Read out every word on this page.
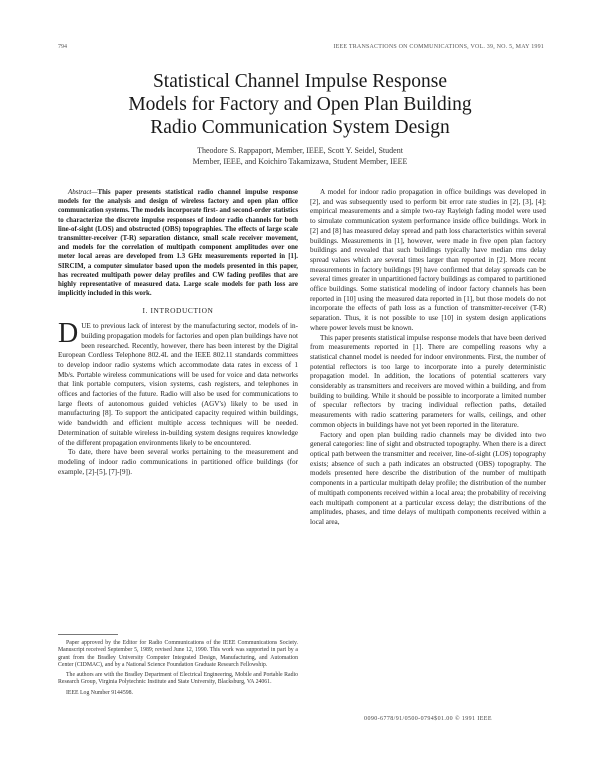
794	IEEE TRANSACTIONS ON COMMUNICATIONS, VOL. 39, NO. 5, MAY 1991
Statistical Channel Impulse Response
Models for Factory and Open Plan Building
Radio Communication System Design
Theodore S. Rappaport, Member, IEEE, Scott Y. Seidel, Student
Member, IEEE, and Koichiro Takamizawa, Student Member, IEEE

Abstract—This paper presents statistical radio channel impulse response models for the analysis and design of wireless factory and open plan office communication systems. The models incorporate first- and second-order statistics to characterize the discrete impulse responses of indoor radio channels for both line-of-sight (LOS) and obstructed (OBS) topographies. The effects of large scale transmitter-receiver (T-R) separation distance, small scale receiver movement, and models for the correlation of multipath component amplitudes over one meter local areas are developed from 1.3 GHz measurements reported in [1]. SIRCIM, a computer simulator based upon the models presented in this paper, has recreated multipath power delay profiles and CW fading profiles that are highly representative of measured data. Large scale models for path loss are implicitly included in this work.

I. INTRODUCTION

DUE to previous lack of interest by the manufacturing sector, models of in-building propagation models for factories and open plan buildings have not been researched. Recently, however, there has been interest by the Digital European Cordless Telephone 802.4L and the IEEE 802.11 standards committees to develop indoor radio systems which accommodate data rates in excess of 1 Mb/s. Portable wireless communications will be used for voice and data networks that link portable computers, vision systems, cash registers, and telephones in offices and factories of the future. Radio will also be used for communications to large fleets of autonomous guided vehicles (AGV's) likely to be used in manufacturing [8]. To support the anticipated capacity required within buildings, wide bandwidth and efficient multiple access techniques will be needed. Determination of suitable wireless in-building system designs requires knowledge of the different propagation environments likely to be encountered.

To date, there have been several works pertaining to the measurement and modeling of indoor radio communications in partitioned office buildings (for example, [2]-[5], [7]-[9]).

Paper approved by the Editor for Radio Communications of the IEEE Communications Society. Manuscript received September 5, 1989; revised June 12, 1990. This work was supported in part by a grant from the Bradley University Computer Integrated Design, Manufacturing, and Automation Center (CIDMAC), and by a National Science Foundation Graduate Research Fellowship.

The authors are with the Bradley Department of Electrical Engineering, Mobile and Portable Radio Research Group, Virginia Polytechnic Institute and State University, Blacksburg, VA 24061.

IEEE Log Number 9144598.

A model for indoor radio propagation in office buildings was developed in [2], and was subsequently used to perform bit error rate studies in [2], [3], [4]; empirical measurements and a simple two-ray Rayleigh fading model were used to simulate communication system performance inside office buildings. Work in [2] and [8] has measured delay spread and path loss characteristics within several buildings. Measurements in [1], however, were made in five open plan factory buildings and revealed that such buildings typically have median rms delay spread values which are several times larger than reported in [2]. More recent measurements in factory buildings [9] have confirmed that delay spreads can be several times greater in unpartitioned factory buildings as compared to partitioned office buildings. Some statistical modeling of indoor factory channels has been reported in [10] using the measured data reported in [1], but those models do not incorporate the effects of path loss as a function of transmitter-receiver (T-R) separation. Thus, it is not possible to use [10] in system design applications where power levels must be known.

This paper presents statistical impulse response models that have been derived from measurements reported in [1]. There are compelling reasons why a statistical channel model is needed for indoor environments. First, the number of potential reflectors is too large to incorporate into a purely deterministic propagation model. In addition, the locations of potential scatterers vary considerably as transmitters and receivers are moved within a building, and from building to building. While it should be possible to incorporate a limited number of specular reflectors by tracing individual reflection paths, detailed measurements with radio scattering parameters for walls, ceilings, and other common objects in buildings have not yet been reported in the literature.

Factory and open plan building radio channels may be divided into two general categories: line of sight and obstructed topography. When there is a direct optical path between the transmitter and receiver, line-of-sight (LOS) topography exists; absence of such a path indicates an obstructed (OBS) topography. The models presented here describe the distribution of the number of multipath components in a particular multipath delay profile; the distribution of the number of multipath components received within a local area; the probability of receiving each multipath component at a particular excess delay; the distributions of the amplitudes, phases, and time delays of multipath components received within a local area,

0090-6778/91/0500-0794$01.00 © 1991 IEEE
